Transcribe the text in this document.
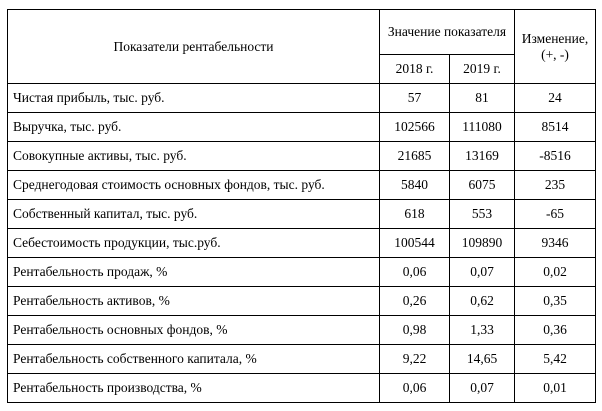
Показатели рентабельности	Значение показателя		Изменение,
(+, -)

	2018 г.	2019 г.	
Чистая прибыль, тыс. руб.	57	81	24
Выручка, тыс. руб.	102566	111080	8514
Совокупные активы, тыс. руб.	21685	13169	-8516
Среднегодовая стоимость основных фондов, тыс. руб.	5840	6075	235
Собственный капитал, тыс. руб.	618	553	-65
Себестоимость продукции, тыс.руб.	100544	109890	9346
Рентабельность продаж, %	0,06	0,07	0,02
Рентабельность активов, %	0,26	0,62	0,35
Рентабельность основных фондов, %	0,98	1,33	0,36
Рентабельность собственного капитала, %	9,22	14,65	5,42
Рентабельность производства, %	0,06	0,07	0,01
